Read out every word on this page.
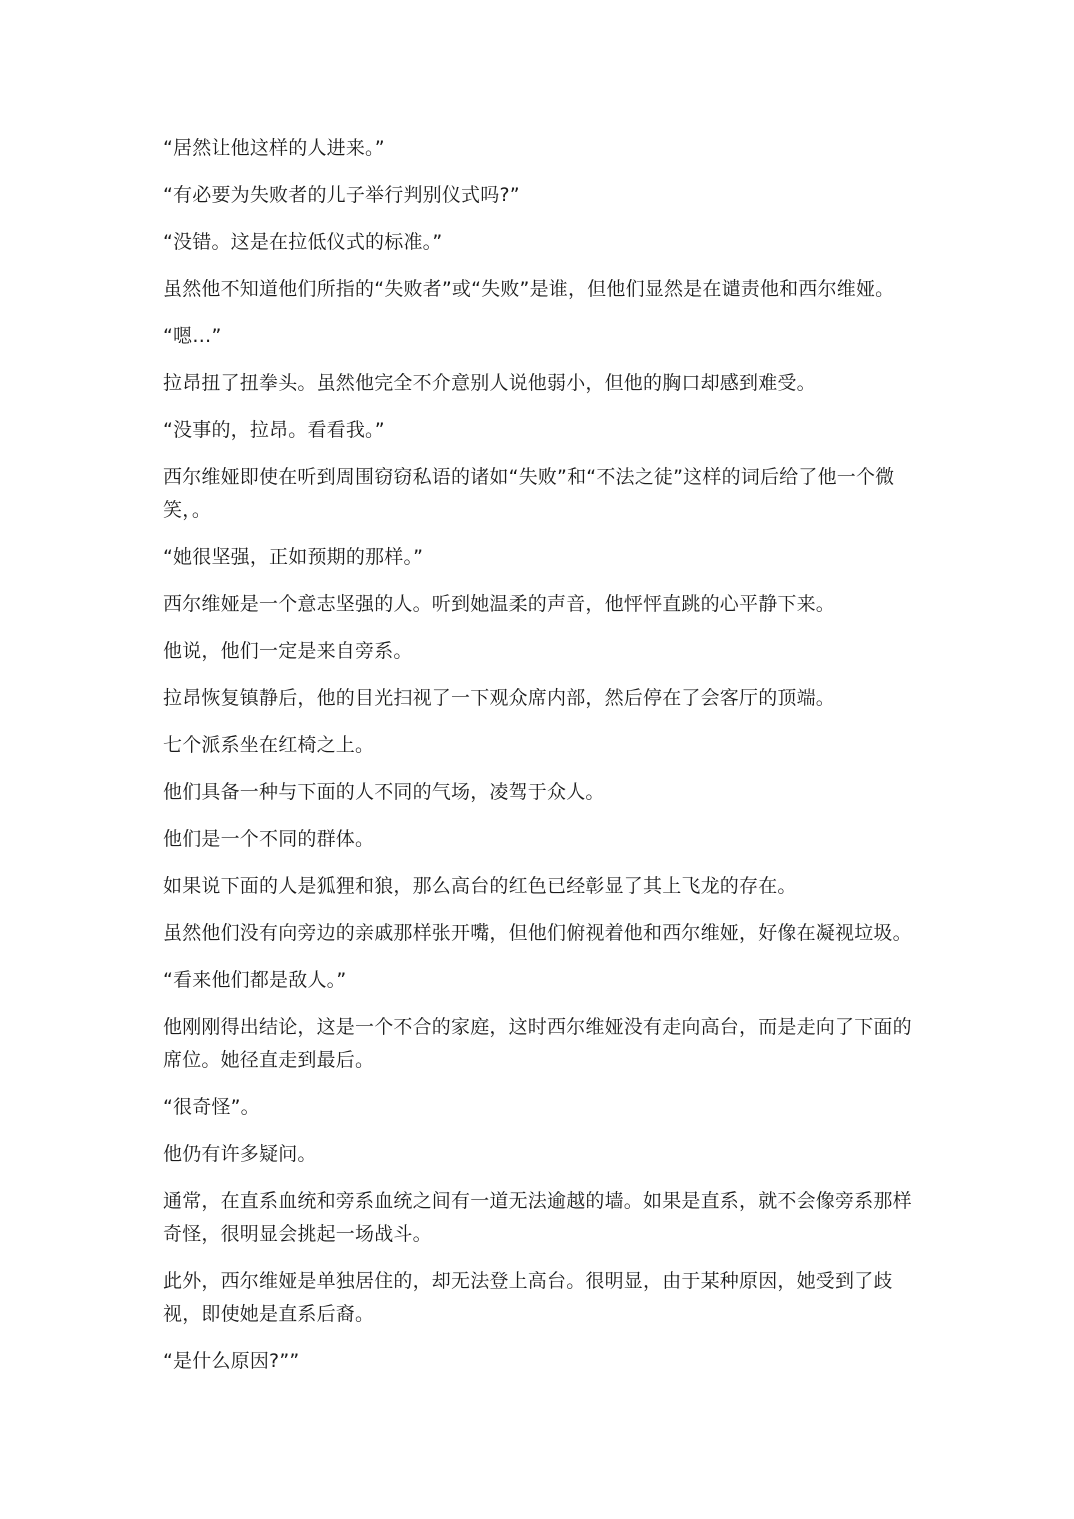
“居然让他这样的人进来。”

“有必要为失败者的儿子举行判别仪式吗?”

“没错。这是在拉低仪式的标准。”

虽然他不知道他们所指的“失败者”或“失败”是谁，但他们显然是在谴责他和西尔维娅。

“嗯…”

拉昂扭了扭拳头。虽然他完全不介意别人说他弱小，但他的胸口却感到难受。

“没事的，拉昂。看看我。”

西尔维娅即使在听到周围窃窃私语的诸如“失败”和“不法之徒”这样的词后给了他一个微笑，。

“她很坚强，正如预期的那样。”

西尔维娅是一个意志坚强的人。听到她温柔的声音，他怦怦直跳的心平静下来。

他说，他们一定是来自旁系。

拉昂恢复镇静后，他的目光扫视了一下观众席内部，然后停在了会客厅的顶端。

七个派系坐在红椅之上。

他们具备一种与下面的人不同的气场，凌驾于众人。

他们是一个不同的群体。

如果说下面的人是狐狸和狼，那么高台的红色已经彰显了其上飞龙的存在。

虽然他们没有向旁边的亲戚那样张开嘴，但他们俯视着他和西尔维娅，好像在凝视垃圾。

“看来他们都是敌人。”

他刚刚得出结论，这是一个不合的家庭，这时西尔维娅没有走向高台，而是走向了下面的席位。她径直走到最后。

“很奇怪”。

他仍有许多疑问。

通常，在直系血统和旁系血统之间有一道无法逾越的墙。如果是直系，就不会像旁系那样奇怪，很明显会挑起一场战斗。

此外，西尔维娅是单独居住的，却无法登上高台。很明显，由于某种原因，她受到了歧视，即使她是直系后裔。

“是什么原因?””
